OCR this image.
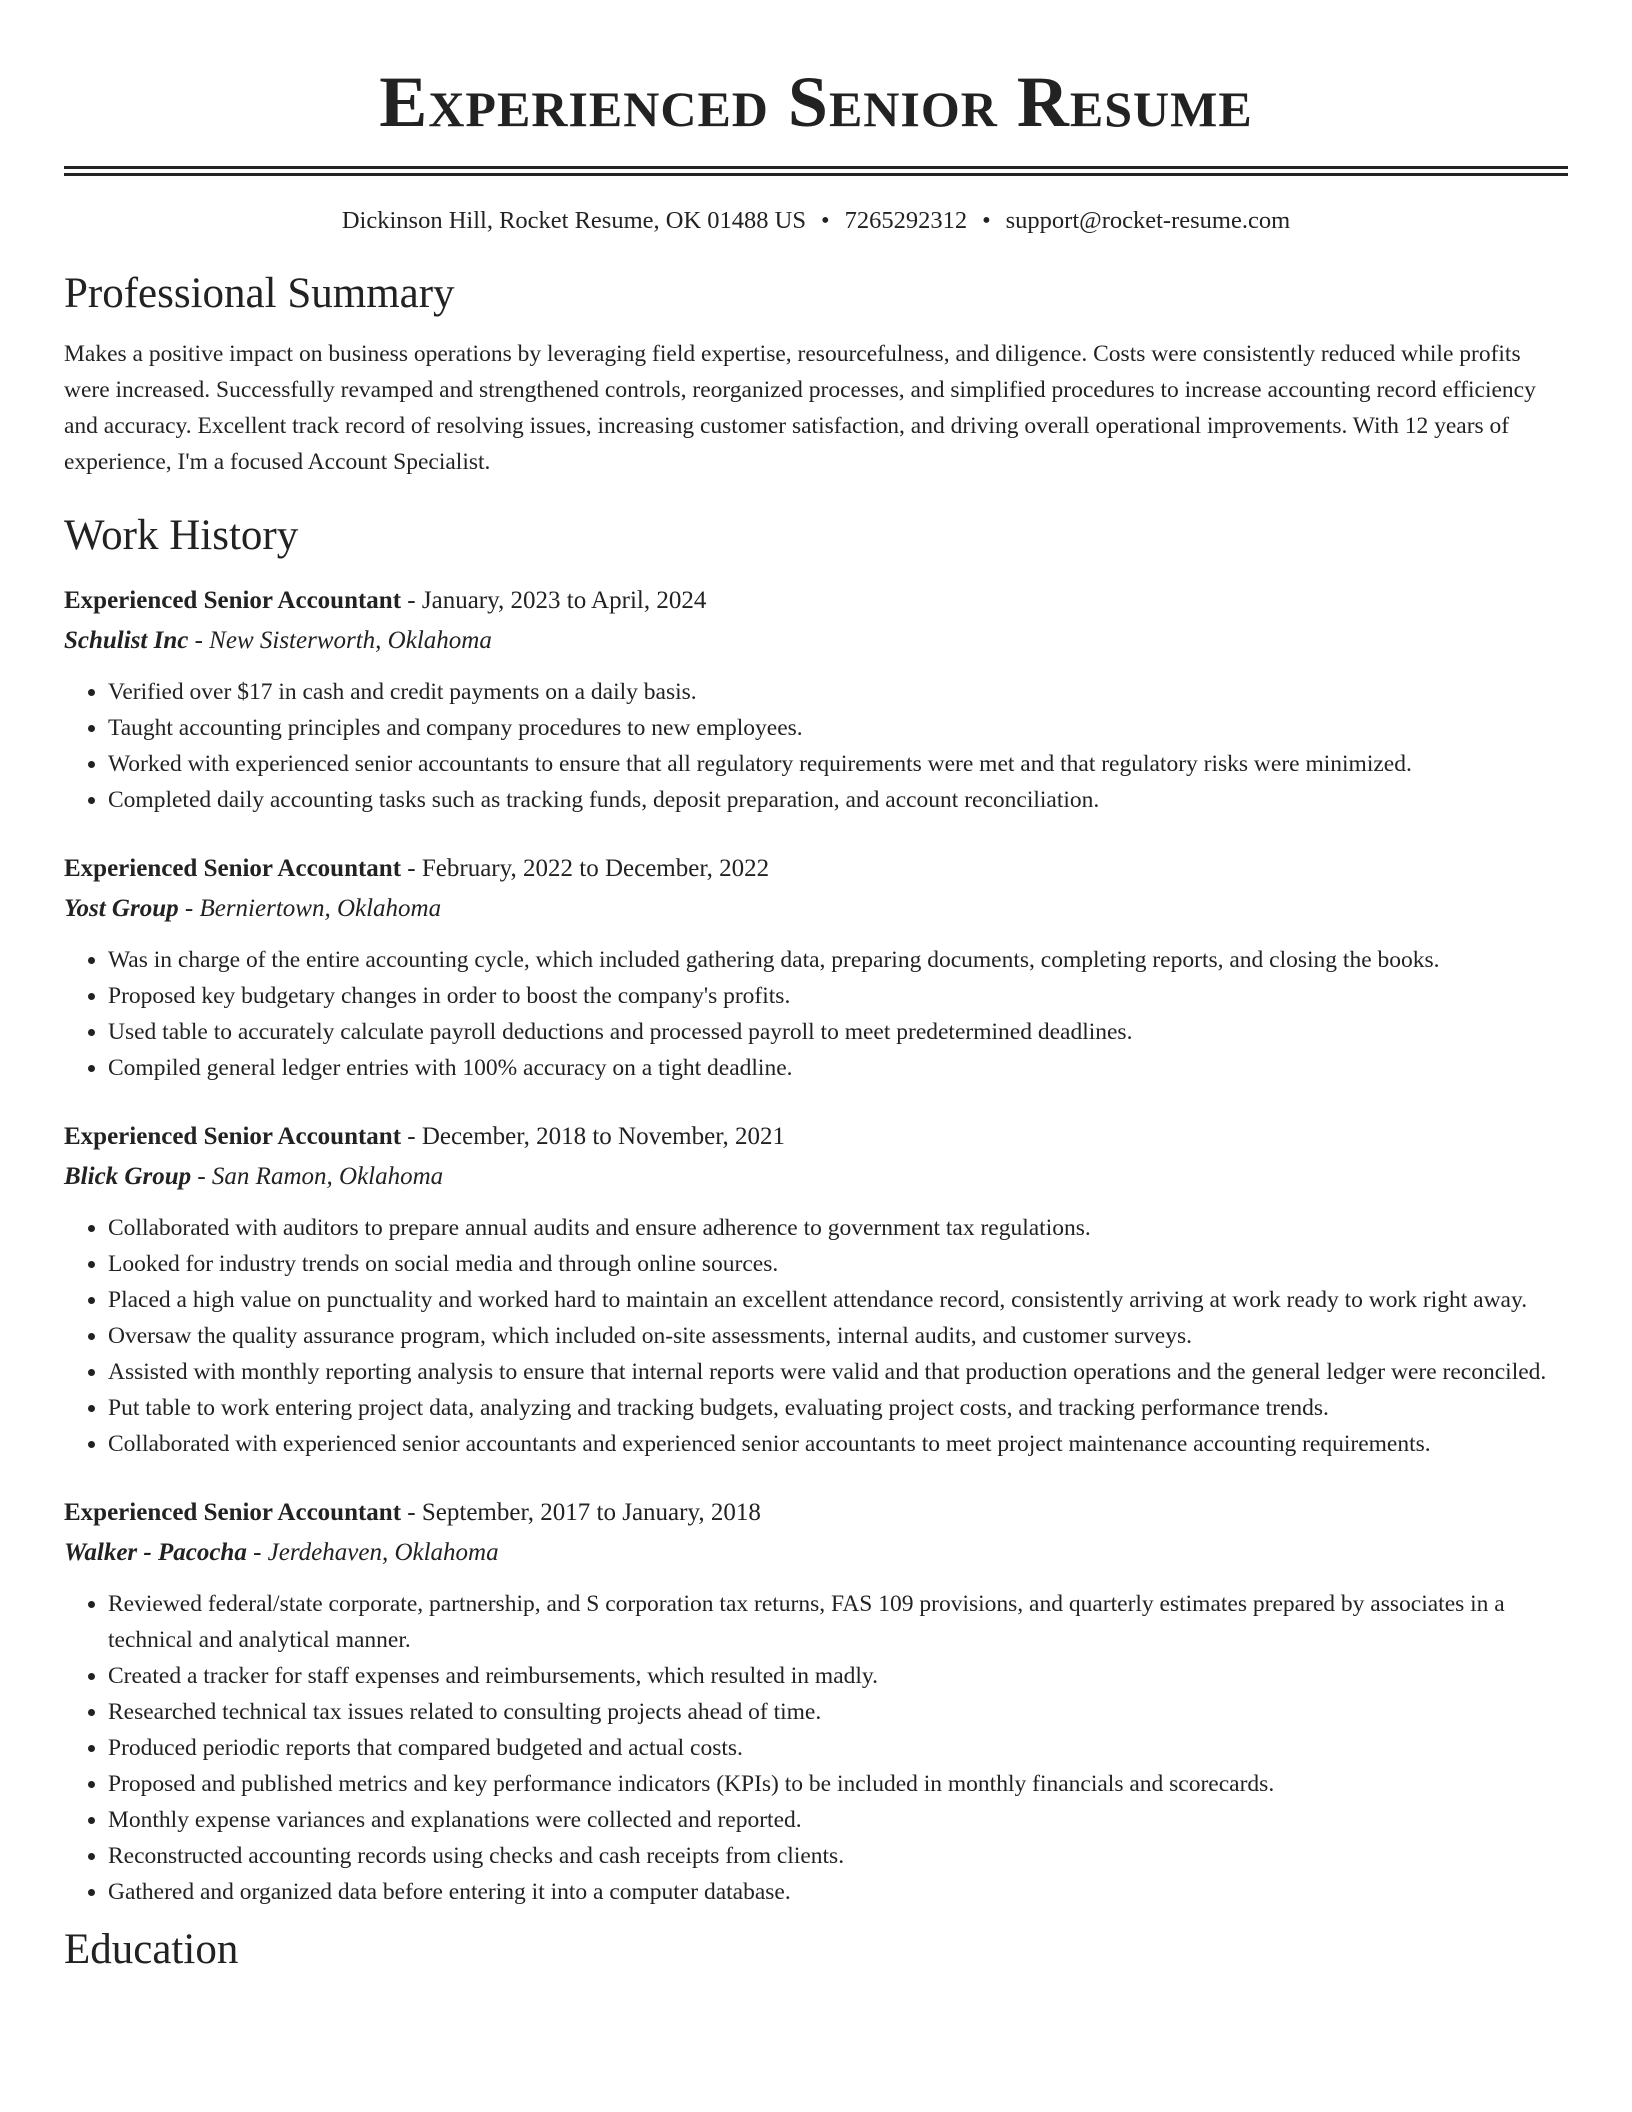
Experienced Senior Resume
Dickinson Hill, Rocket Resume, OK 01488 US • 7265292312 • support@rocket-resume.com
Professional Summary

Makes a positive impact on business operations by leveraging field expertise, resourcefulness, and diligence. Costs were consistently reduced while profits were increased. Successfully revamped and strengthened controls, reorganized processes, and simplified procedures to increase accounting record efficiency and accuracy. Excellent track record of resolving issues, increasing customer satisfaction, and driving overall operational improvements. With 12 years of experience, I'm a focused Account Specialist.

Work History
Experienced Senior Accountant - January, 2023 to April, 2024
Schulist Inc - New Sisterworth, Oklahoma
• Verified over $17 in cash and credit payments on a daily basis.
• Taught accounting principles and company procedures to new employees.
• Worked with experienced senior accountants to ensure that all regulatory requirements were met and that regulatory risks were minimized.
• Completed daily accounting tasks such as tracking funds, deposit preparation, and account reconciliation.
Experienced Senior Accountant - February, 2022 to December, 2022
Yost Group - Berniertown, Oklahoma
• Was in charge of the entire accounting cycle, which included gathering data, preparing documents, completing reports, and closing the books.
• Proposed key budgetary changes in order to boost the company's profits.
• Used table to accurately calculate payroll deductions and processed payroll to meet predetermined deadlines.
• Compiled general ledger entries with 100% accuracy on a tight deadline.
Experienced Senior Accountant - December, 2018 to November, 2021
Blick Group - San Ramon, Oklahoma
• Collaborated with auditors to prepare annual audits and ensure adherence to government tax regulations.
• Looked for industry trends on social media and through online sources.
• Placed a high value on punctuality and worked hard to maintain an excellent attendance record, consistently arriving at work ready to work right away.
• Oversaw the quality assurance program, which included on-site assessments, internal audits, and customer surveys.
• Assisted with monthly reporting analysis to ensure that internal reports were valid and that production operations and the general ledger were reconciled.
• Put table to work entering project data, analyzing and tracking budgets, evaluating project costs, and tracking performance trends.
• Collaborated with experienced senior accountants and experienced senior accountants to meet project maintenance accounting requirements.
Experienced Senior Accountant - September, 2017 to January, 2018
Walker - Pacocha - Jerdehaven, Oklahoma
• Reviewed federal/state corporate, partnership, and S corporation tax returns, FAS 109 provisions, and quarterly estimates prepared by associates in a technical and analytical manner.
• Created a tracker for staff expenses and reimbursements, which resulted in madly.
• Researched technical tax issues related to consulting projects ahead of time.
• Produced periodic reports that compared budgeted and actual costs.
• Proposed and published metrics and key performance indicators (KPIs) to be included in monthly financials and scorecards.
• Monthly expense variances and explanations were collected and reported.
• Reconstructed accounting records using checks and cash receipts from clients.
• Gathered and organized data before entering it into a computer database.
Education
